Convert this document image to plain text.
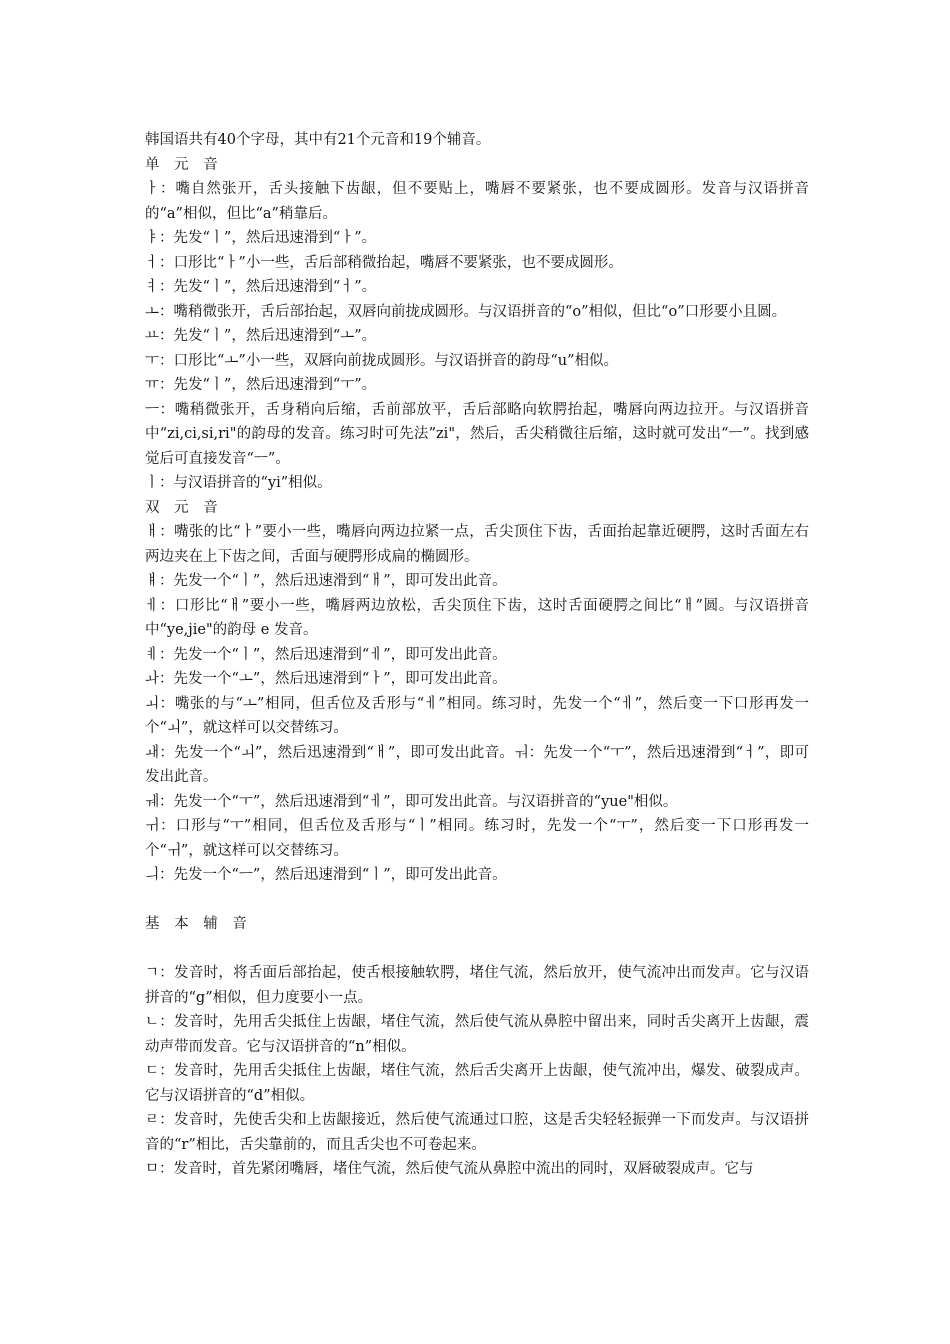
韩国语共有40个字母，其中有21个元音和19个辅音。

单 元 音

ㅏ：嘴自然张开，舌头接触下齿龈，但不要贴上，嘴唇不要紧张，也不要成圆形。发音与汉语拼音的“a”相似，但比“a”稍靠后。

ㅑ：先发“ㅣ”，然后迅速滑到“ㅏ”。

ㅓ：口形比“ㅏ”小一些，舌后部稍微抬起，嘴唇不要紧张，也不要成圆形。

ㅕ：先发“ㅣ”，然后迅速滑到“ㅓ”。

ㅗ：嘴稍微张开，舌后部抬起，双唇向前拢成圆形。与汉语拼音的“o”相似，但比“o”口形要小且圆。

ㅛ：先发“ㅣ”，然后迅速滑到“ㅗ”。

ㅜ：口形比“ㅗ”小一些，双唇向前拢成圆形。与汉语拼音的韵母“u”相似。

ㅠ：先发“ㅣ”，然后迅速滑到“ㅜ”。

ㅡ：嘴稍微张开，舌身稍向后缩，舌前部放平，舌后部略向软腭抬起，嘴唇向两边拉开。与汉语拼音中“zi,ci,si,ri"的韵母的发音。练习时可先法”zi"，然后，舌尖稍微往后缩，这时就可发出“ㅡ”。找到感觉后可直接发音“ㅡ”。

ㅣ：与汉语拼音的“yi”相似。

双 元 音

ㅐ：嘴张的比“ㅏ”要小一些，嘴唇向两边拉紧一点，舌尖顶住下齿，舌面抬起靠近硬腭，这时舌面左右两边夹在上下齿之间，舌面与硬腭形成扁的椭圆形。

ㅒ：先发一个“ㅣ”，然后迅速滑到“ㅐ”，即可发出此音。

ㅔ：口形比“ㅐ”要小一些，嘴唇两边放松，舌尖顶住下齿，这时舌面硬腭之间比“ㅐ”圆。与汉语拼音中“ye,jie"的韵母 e 发音。

ㅖ：先发一个“ㅣ”，然后迅速滑到“ㅔ”，即可发出此音。

ㅘ：先发一个“ㅗ”，然后迅速滑到“ㅏ”，即可发出此音。

ㅚ：嘴张的与“ㅗ”相同，但舌位及舌形与“ㅔ”相同。练习时，先发一个“ㅔ”，然后变一下口形再发一个“ㅚ”，就这样可以交替练习。

ㅙ：先发一个“ㅚ”，然后迅速滑到“ㅐ”，即可发出此音。ㅝ：先发一个“ㅜ”，然后迅速滑到“ㅓ”，即可发出此音。

ㅞ：先发一个“ㅜ”，然后迅速滑到“ㅔ”，即可发出此音。与汉语拼音的“yue"相似。

ㅟ：口形与“ㅜ”相同，但舌位及舌形与“ㅣ”相同。练习时，先发一个“ㅜ”，然后变一下口形再发一个“ㅟ”，就这样可以交替练习。

ㅢ：先发一个“ㅡ”，然后迅速滑到“ㅣ”，即可发出此音。

基 本 辅 音

ㄱ：发音时，将舌面后部抬起，使舌根接触软腭，堵住气流，然后放开，使气流冲出而发声。它与汉语拼音的“g”相似，但力度要小一点。

ㄴ：发音时，先用舌尖抵住上齿龈，堵住气流，然后使气流从鼻腔中留出来，同时舌尖离开上齿龈，震动声带而发音。它与汉语拼音的“n”相似。

ㄷ：发音时，先用舌尖抵住上齿龈，堵住气流，然后舌尖离开上齿龈，使气流冲出，爆发、破裂成声。它与汉语拼音的“d”相似。

ㄹ：发音时，先使舌尖和上齿龈接近，然后使气流通过口腔，这是舌尖轻轻振弹一下而发声。与汉语拼音的“r”相比，舌尖靠前的，而且舌尖也不可卷起来。

ㅁ：发音时，首先紧闭嘴唇，堵住气流，然后使气流从鼻腔中流出的同时，双唇破裂成声。它与
